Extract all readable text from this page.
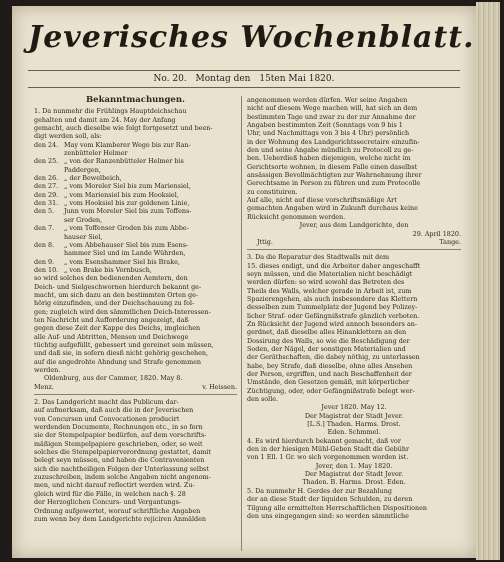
Jeverisches Wochenblatt.
No. 20. Montag den 15ten Mai 1820.
Bekanntmachungen.
1. Da nunmehr die Frühlings Hauptdeichschau
gehalten und damit am 24. May der Anfang
gemacht, auch dieselbe wie folgt fortgesetzt und been-
digt werden soll, als:
den 24. May vom Klamberer Wege bis zur Ran-
zenbütteler Helmer
den 25. „ von der Ranzenbütteler Helmer bis
Paddergen,
den 26. „ der Bewelbeich,
den 27. „ vom Moreler Siel bis zum Mariensiel,
den 29. „ vom Mariensiel bis zum Hooksiel,
den 31. „ vom Hooksiel bis zur goldenen Linie,
den 5.	Junn vom Moreler Siel bis zum Toffens-
ser Groden,
den 7.	„ vom Toffenser Groden bis zum Abbe-
hauser Siel,
den 8.	„ vom Abbehauser Siel bis zum Esens-
hammer Siel und im Lande Wührden,
den 9.	„ vom Esenshammer Siel bis Brake,
den 10. „ von Brake bis Vornbusch,
so wird solches den bedienenden Aemtern, den
Deich- und Sielgeschwornen hierdurch bekannt ge-
macht, um sich dazu an den bestimmten Orten ge-
hörig einzufinden, und der Deichschauung zu fol-
gen; zugleich wird den sämmtlichen Deich-Interessen-
ten Nachricht und Aufforderung angezeigt, daß
gegen diese Zeit der Kappe des Deichs, imgleichen
alle Auf- und Abtritten, Mensen und Deichwege
tüchtig aufgefüllt, gebessert und gereinet sein müssen,
und daß sie, in sofern diesß nicht gehörig geschehen,
auf die angedrohte Ahndung und Strafe genommen
werden.
Oldenburg, aus der Cammer, 1820. May 8.
Menz.	v. Heissen.
2. Das Landgericht macht das Publicum dar-
auf aufmerksam, daß auch die in der Jeverischen
von Concursen und Convocationen producirt
werdenden Documente, Rechnungen etc., in so fern
sie der Stempelpapier bedürfen, auf dem vorschrifts-
mäßigen Stempelpapiere geschrieben, oder, so weit
solches die Stempelpapierverordnung gestattet, damit
belegt seyn müssen, und haben die Contravenienten
sich die nachtheiligen Folgen der Unterlassung selbst
zuzuschreiben, indem solche Angaben nicht angenom-
men, und nicht darauf reflectirt werden wird. Zu-
gleich wird für die Fälle, in welchen nach §. 28
der Herzoglichen Concurs- und Vergantungs-
Ordnung aufgewertet, worauf schriftliche Angaben
zum wenn bey dem Landgerichte rejiciren Anmälden
angenommen werden dürfen. Wer seine Angaben
nicht auf diesem Wege machen will, hat sich an dem
bestimmten Tage und zwar zu der zur Annahme der
Angaben bestimmten Zeit (Sonntags von 9 bis 1
Uhr, und Nachmittags von 3 bis 4 Uhr) persönlich
in der Wohnung des Landgerichtssecretaire einzufin-
den und seine Angabe mündlich zu Protocoll zu ge-
ben. Ueberdieß haben diejenigen, welche nicht im
Gerichtsorte wohnen, in diesem Falle einen daselbst
ansässigen Bevollmächtigten zur Wahrnehmung ihrer
Gerechtsame in Person zu führen und zum Protocolle
zu constituiren.
Auf alle, nicht auf diese vorschriftsmäßige Art
gemachten Angaben wird in Zukunft durchaus keine
Rücksicht genommen werden.
Jever, aus dem Landgerichte, den
29. April 1820.
Jttig.	Tange.
3. Da die Reparatur des Stadtwalls mit dem
15. dieses endigt, und die Arbeiter daher angeschafft
seyn müssen, und die Materialien nicht beschädigt
werden dürfen: so wird sowohl das Betreten des
Theils des Walls, welcher gerade in Arbeit ist, zum
Spazierengehen, als auch insbesondere das Klettern
desselben zum Tummelplatz der Jugend bey Polizey-
licher Straf- oder Gefängnißstrafe gänzlich verboten.
Zn Rücksicht der Jugend wird annoch besonders an-
gerdnet, daß dieselbe alles Hinanklettern an den
Dossirung des Walls, so wie die Beschädigung der
Soden, der Nägel, der sonstigen Materialien und
der Geräthschaften, die dabey nöthig, zu unterlassen
habe, bey Strafe, daß dieselbe, ohne alles Ansehen
der Person, ergriffen, und nach Beschaffenheit der
Umstände, den Gesetzen gemäß, mit körperlicher
Züchtigung, oder, oder Gefängnißstrafe belegt wer-
den solle.
Jever 1820. May 12.
Der Magistrat der Stadt Jever.
[L.S.] Thaden. Harms. Drost.
Eden. Schmmel.
4. Es wird hierdurch bekannt gemacht, daß vor
den in der hiesigen Mühl-Geben Stadt die Gebühr
von 1 Ell. 1 Gr. wo sich vorgenommen worden ist.
Jever, den 1. May 1820.
Der Magistrat der Stadt Jever.
Thaden. B. Harms. Drost. Eden.
5. Da nunmehr H. Gerdes der zur Bezahlung
der an diese Stadt der liquiden Schulden, zu deren
Tilgung alle ermittelten Herrschaftlichen Dispositionen
den uns eingegangen sind: so werden sämmtliche
